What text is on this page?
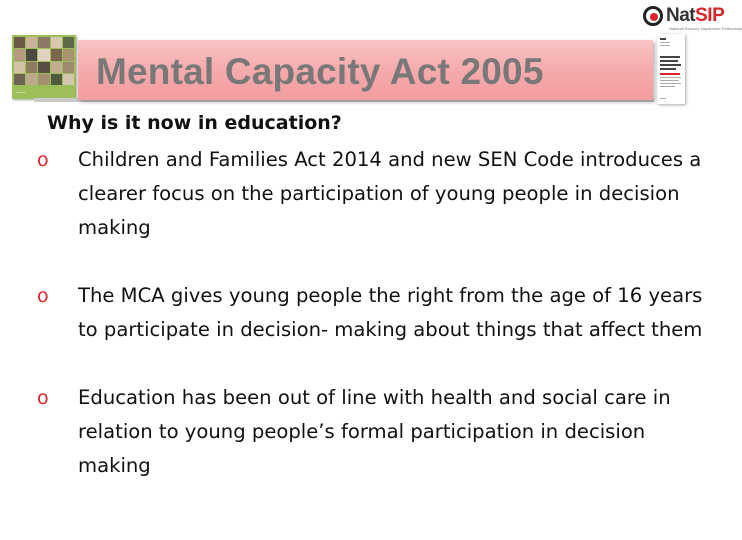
NatSIP
National Sensory Impairment Partnership
——
Mental Capacity Act 2005
Why is it now in education?
o Children and Families Act 2014 and new SEN Code introduces a clearer focus on the participation of young people in decision making
o The MCA gives young people the right from the age of 16 years to participate in decision- making about things that affect them
o Education has been out of line with health and social care in relation to young people’s formal participation in decision making
